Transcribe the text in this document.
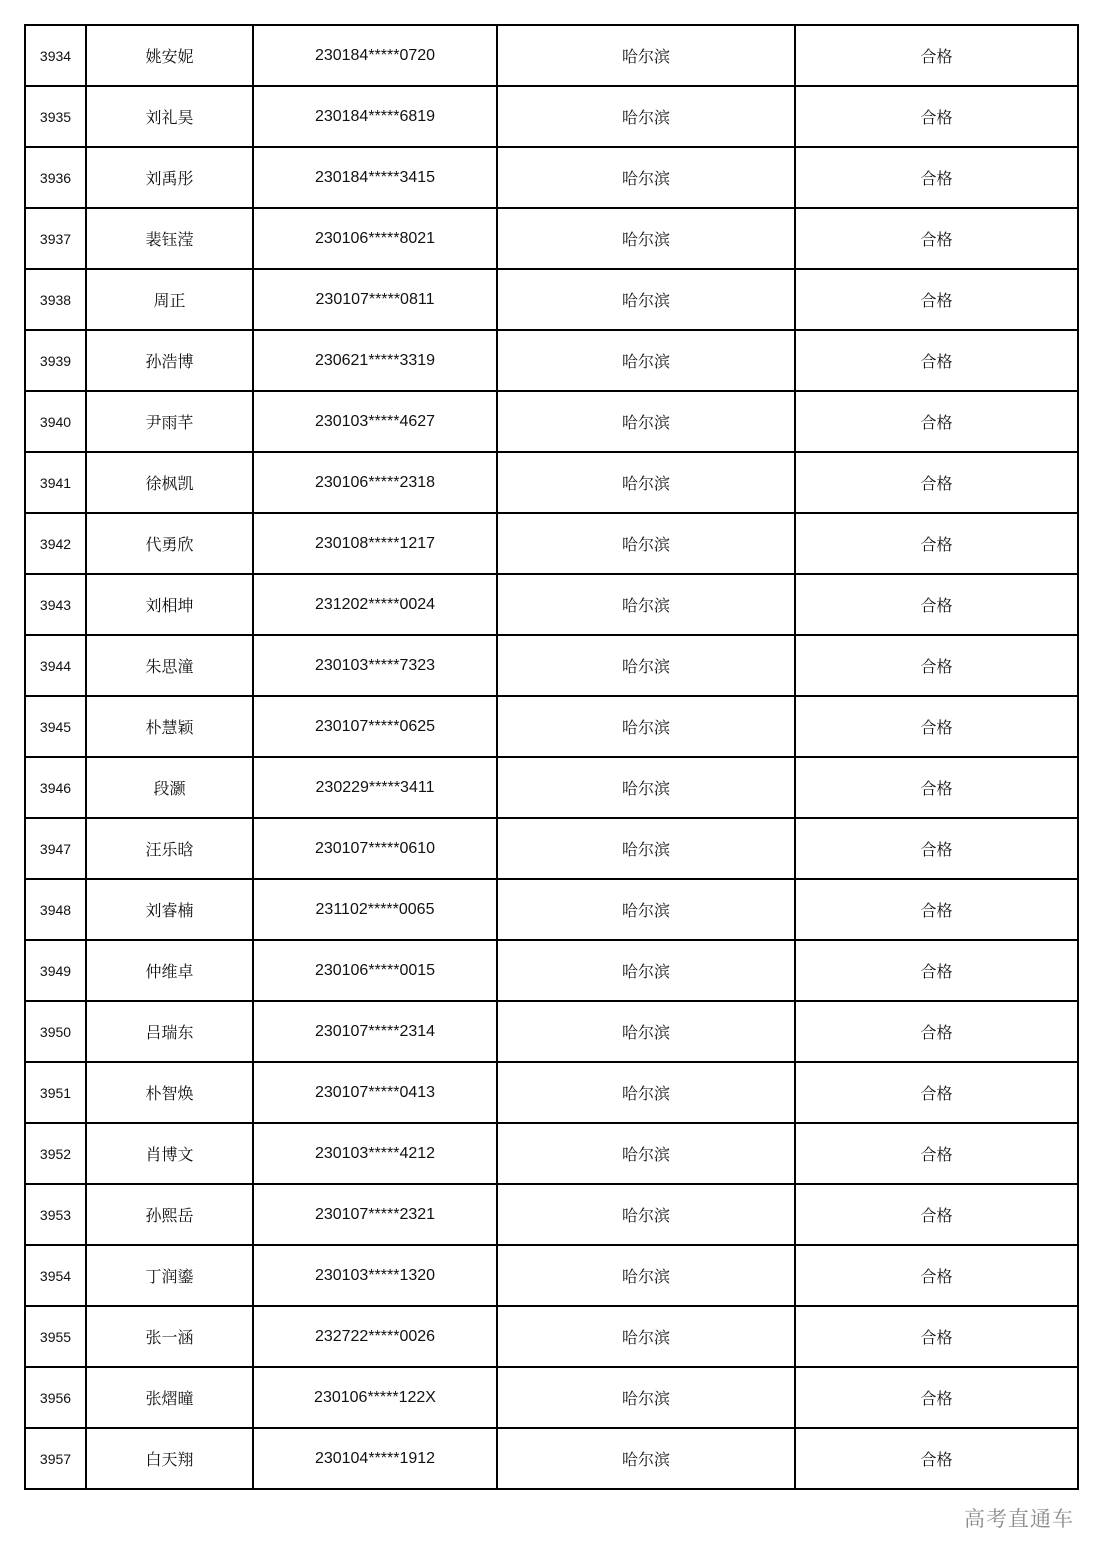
3934	姚安妮	230184*****0720	哈尔滨	合格
3935	刘礼昊	230184*****6819	哈尔滨	合格
3936	刘禹彤	230184*****3415	哈尔滨	合格
3937	裴钰滢	230106*****8021	哈尔滨	合格
3938	周正	230107*****0811	哈尔滨	合格
3939	孙浩博	230621*****3319	哈尔滨	合格
3940	尹雨芊	230103*****4627	哈尔滨	合格
3941	徐枫凯	230106*****2318	哈尔滨	合格
3942	代勇欣	230108*****1217	哈尔滨	合格
3943	刘相坤	231202*****0024	哈尔滨	合格
3944	朱思潼	230103*****7323	哈尔滨	合格
3945	朴慧颖	230107*****0625	哈尔滨	合格
3946	段灏	230229*****3411	哈尔滨	合格
3947	汪乐晗	230107*****0610	哈尔滨	合格
3948	刘睿楠	231102*****0065	哈尔滨	合格
3949	仲维卓	230106*****0015	哈尔滨	合格
3950	吕瑞东	230107*****2314	哈尔滨	合格
3951	朴智焕	230107*****0413	哈尔滨	合格
3952	肖博文	230103*****4212	哈尔滨	合格
3953	孙熙岳	230107*****2321	哈尔滨	合格
3954	丁润鎏	230103*****1320	哈尔滨	合格
3955	张一涵	232722*****0026	哈尔滨	合格
3956	张熠曈	230106*****122X	哈尔滨	合格
3957	白天翔	230104*****1912	哈尔滨	合格
高考直通车
